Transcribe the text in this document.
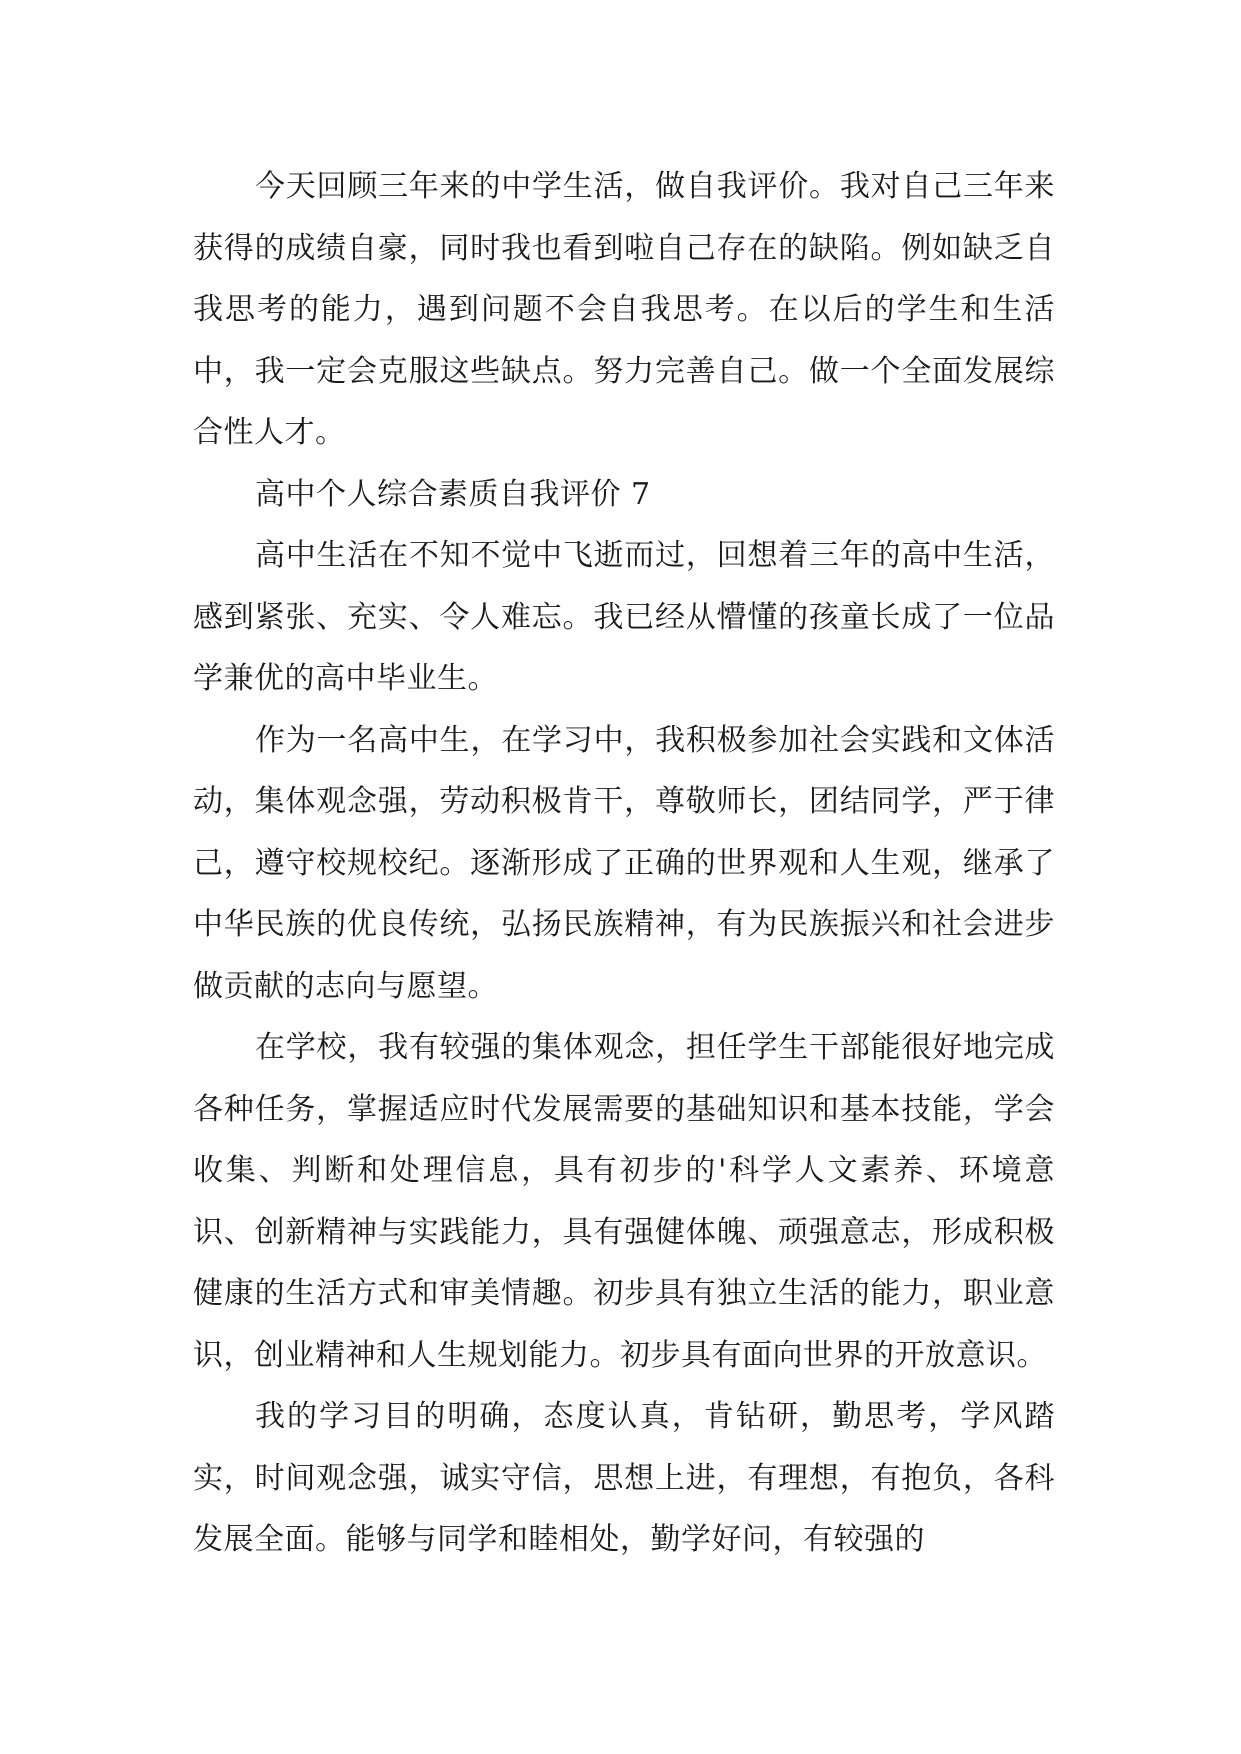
今天回顾三年来的中学生活，做自我评价。我对自己三年来获得的成绩自豪，同时我也看到啦自己存在的缺陷。例如缺乏自我思考的能力，遇到问题不会自我思考。在以后的学生和生活中，我一定会克服这些缺点。努力完善自己。做一个全面发展综合性人才。

高中个人综合素质自我评价 7

高中生活在不知不觉中飞逝而过，回想着三年的高中生活，感到紧张、充实、令人难忘。我已经从懵懂的孩童长成了一位品学兼优的高中毕业生。

作为一名高中生，在学习中，我积极参加社会实践和文体活动，集体观念强，劳动积极肯干，尊敬师长，团结同学，严于律己，遵守校规校纪。逐渐形成了正确的世界观和人生观，继承了中华民族的优良传统，弘扬民族精神，有为民族振兴和社会进步做贡献的志向与愿望。

在学校，我有较强的集体观念，担任学生干部能很好地完成各种任务，掌握适应时代发展需要的基础知识和基本技能，学会收集、判断和处理信息，具有初步的'科学人文素养、环境意识、创新精神与实践能力，具有强健体魄、顽强意志，形成积极健康的生活方式和审美情趣。初步具有独立生活的能力，职业意识，创业精神和人生规划能力。初步具有面向世界的开放意识。

我的学习目的明确，态度认真，肯钻研，勤思考，学风踏实，时间观念强，诚实守信，思想上进，有理想，有抱负，各科发展全面。能够与同学和睦相处，勤学好问，有较强的
